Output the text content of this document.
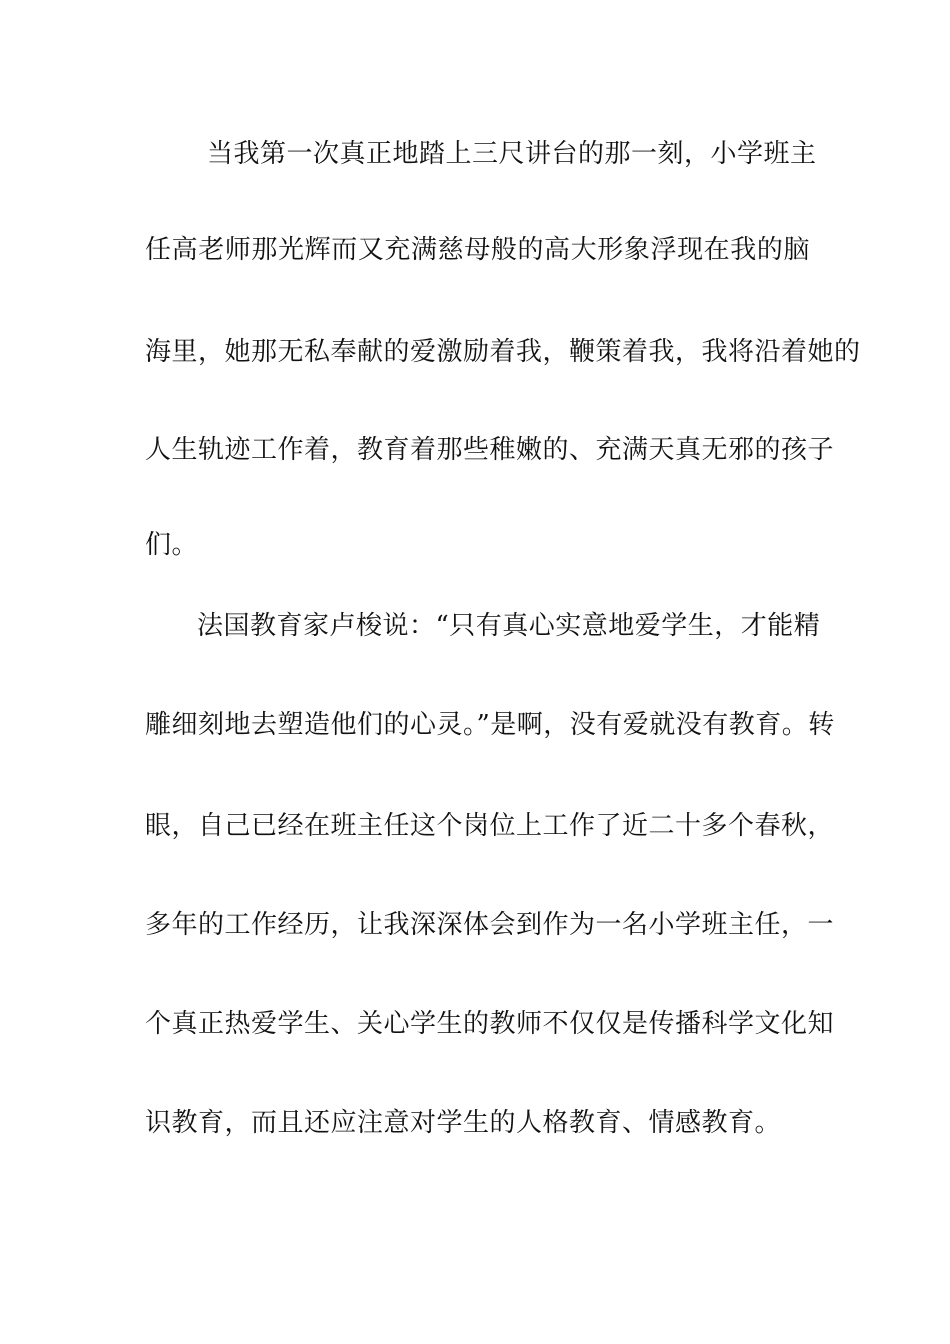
当我第一次真正地踏上三尺讲台的那一刻，小学班主
任高老师那光辉而又充满慈母般的高大形象浮现在我的脑
海里，她那无私奉献的爱激励着我，鞭策着我，我将沿着她的
人生轨迹工作着，教育着那些稚嫩的、充满天真无邪的孩子
们。
法国教育家卢梭说：“只有真心实意地爱学生，才能精
雕细刻地去塑造他们的心灵。”是啊，没有爱就没有教育。转
眼，自己已经在班主任这个岗位上工作了近二十多个春秋，
多年的工作经历，让我深深体会到作为一名小学班主任，一
个真正热爱学生、关心学生的教师不仅仅是传播科学文化知
识教育，而且还应注意对学生的人格教育、情感教育。
